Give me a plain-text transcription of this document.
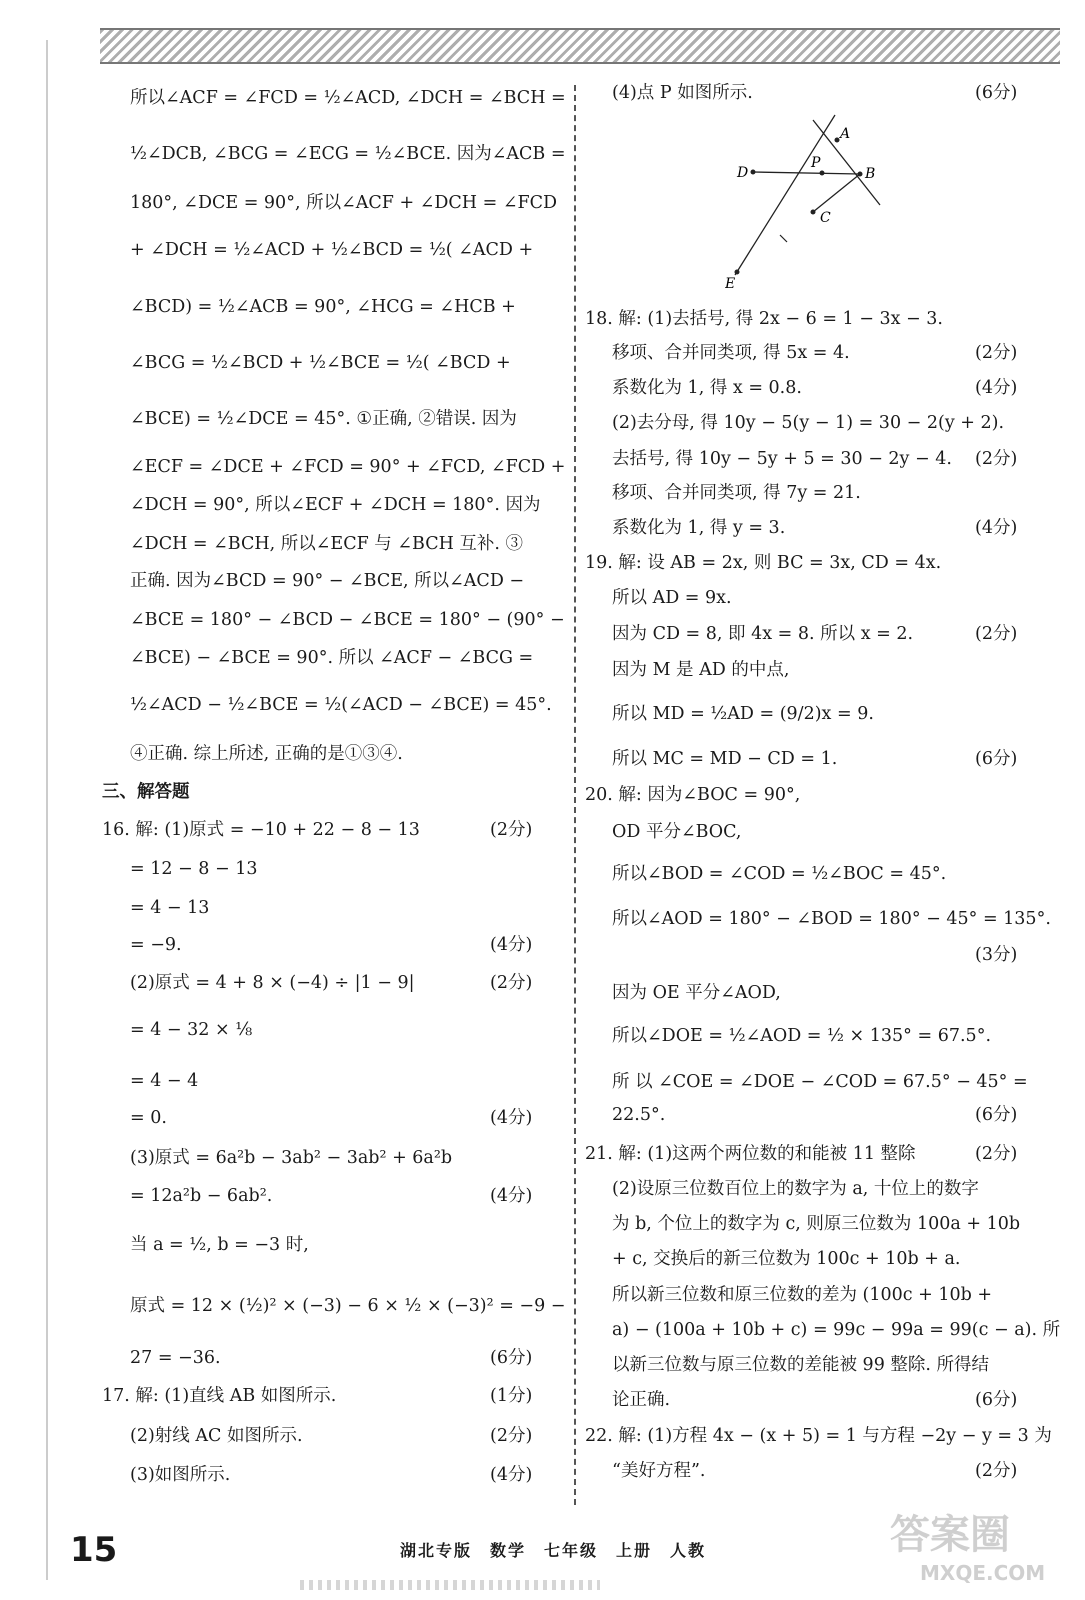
所以∠ACF = ∠FCD = ½∠ACD, ∠DCH = ∠BCH =
½∠DCB, ∠BCG = ∠ECG = ½∠BCE. 因为∠ACB =
180°, ∠DCE = 90°, 所以∠ACF + ∠DCH = ∠FCD
+ ∠DCH = ½∠ACD + ½∠BCD = ½( ∠ACD +
∠BCD) = ½∠ACB = 90°, ∠HCG = ∠HCB +
∠BCG = ½∠BCD + ½∠BCE = ½( ∠BCD +
∠BCE) = ½∠DCE = 45°. ①正确, ②错误. 因为
∠ECF = ∠DCE + ∠FCD = 90° + ∠FCD, ∠FCD +
∠DCH = 90°, 所以∠ECF + ∠DCH = 180°. 因为
∠DCH = ∠BCH, 所以∠ECF 与 ∠BCH 互补. ③
正确. 因为∠BCD = 90° − ∠BCE, 所以∠ACD −
∠BCE = 180° − ∠BCD − ∠BCE = 180° − (90° −
∠BCE) − ∠BCE = 90°. 所以 ∠ACF − ∠BCG =
½∠ACD − ½∠BCE = ½(∠ACD − ∠BCE) = 45°.
④正确. 综上所述, 正确的是①③④.
三、解答题
16. 解: (1)原式 = −10 + 22 − 8 − 13
= 12 − 8 − 13
= 4 − 13
= −9.
(2)原式 = 4 + 8 × (−4) ÷ |1 − 9|
= 4 − 32 × ⅛
= 4 − 4
= 0.
(3)原式 = 6a²b − 3ab² − 3ab² + 6a²b
= 12a²b − 6ab².
当 a = ½, b = −3 时,
原式 = 12 × (½)² × (−3) − 6 × ½ × (−3)² = −9 −
27 = −36.
17. 解: (1)直线 AB 如图所示.
(2)射线 AC 如图所示.
(3)如图所示.
(2分)
(4分)
(2分)
(4分)
(4分)
(6分)
(1分)
(2分)
(4分)
(4)点 P 如图所示.
18. 解: (1)去括号, 得 2x − 6 = 1 − 3x − 3.
移项、合并同类项, 得 5x = 4.
系数化为 1, 得 x = 0.8.
(2)去分母, 得 10y − 5(y − 1) = 30 − 2(y + 2).
去括号, 得 10y − 5y + 5 = 30 − 2y − 4.
移项、合并同类项, 得 7y = 21.
系数化为 1, 得 y = 3.
19. 解: 设 AB = 2x, 则 BC = 3x, CD = 4x.
所以 AD = 9x.
因为 CD = 8, 即 4x = 8. 所以 x = 2.
因为 M 是 AD 的中点,
所以 MD = ½AD = (9/2)x = 9.
所以 MC = MD − CD = 1.
20. 解: 因为∠BOC = 90°,
OD 平分∠BOC,
所以∠BOD = ∠COD = ½∠BOC = 45°.
所以∠AOD = 180° − ∠BOD = 180° − 45° = 135°.
因为 OE 平分∠AOD,
所以∠DOE = ½∠AOD = ½ × 135° = 67.5°.
所 以 ∠COE = ∠DOE − ∠COD = 67.5° − 45° =
22.5°.
21. 解: (1)这两个两位数的和能被 11 整除
(2)设原三位数百位上的数字为 a, 十位上的数字
为 b, 个位上的数字为 c, 则原三位数为 100a + 10b
+ c, 交换后的新三位数为 100c + 10b + a.
所以新三位数和原三位数的差为 (100c + 10b +
a) − (100a + 10b + c) = 99c − 99a = 99(c − a). 所
以新三位数与原三位数的差能被 99 整除. 所得结
论正确.
22. 解: (1)方程 4x − (x + 5) = 1 与方程 −2y − y = 3 为
“美好方程”.
(6分)
(2分)
(4分)
(2分)
(4分)
(2分)
(6分)
(3分)
(6分)
(2分)
(6分)
(2分)
A
B
C
D
E
P
15	湖北专版　数学　七年级　上册　人教	答案圈
MXQE.COM
